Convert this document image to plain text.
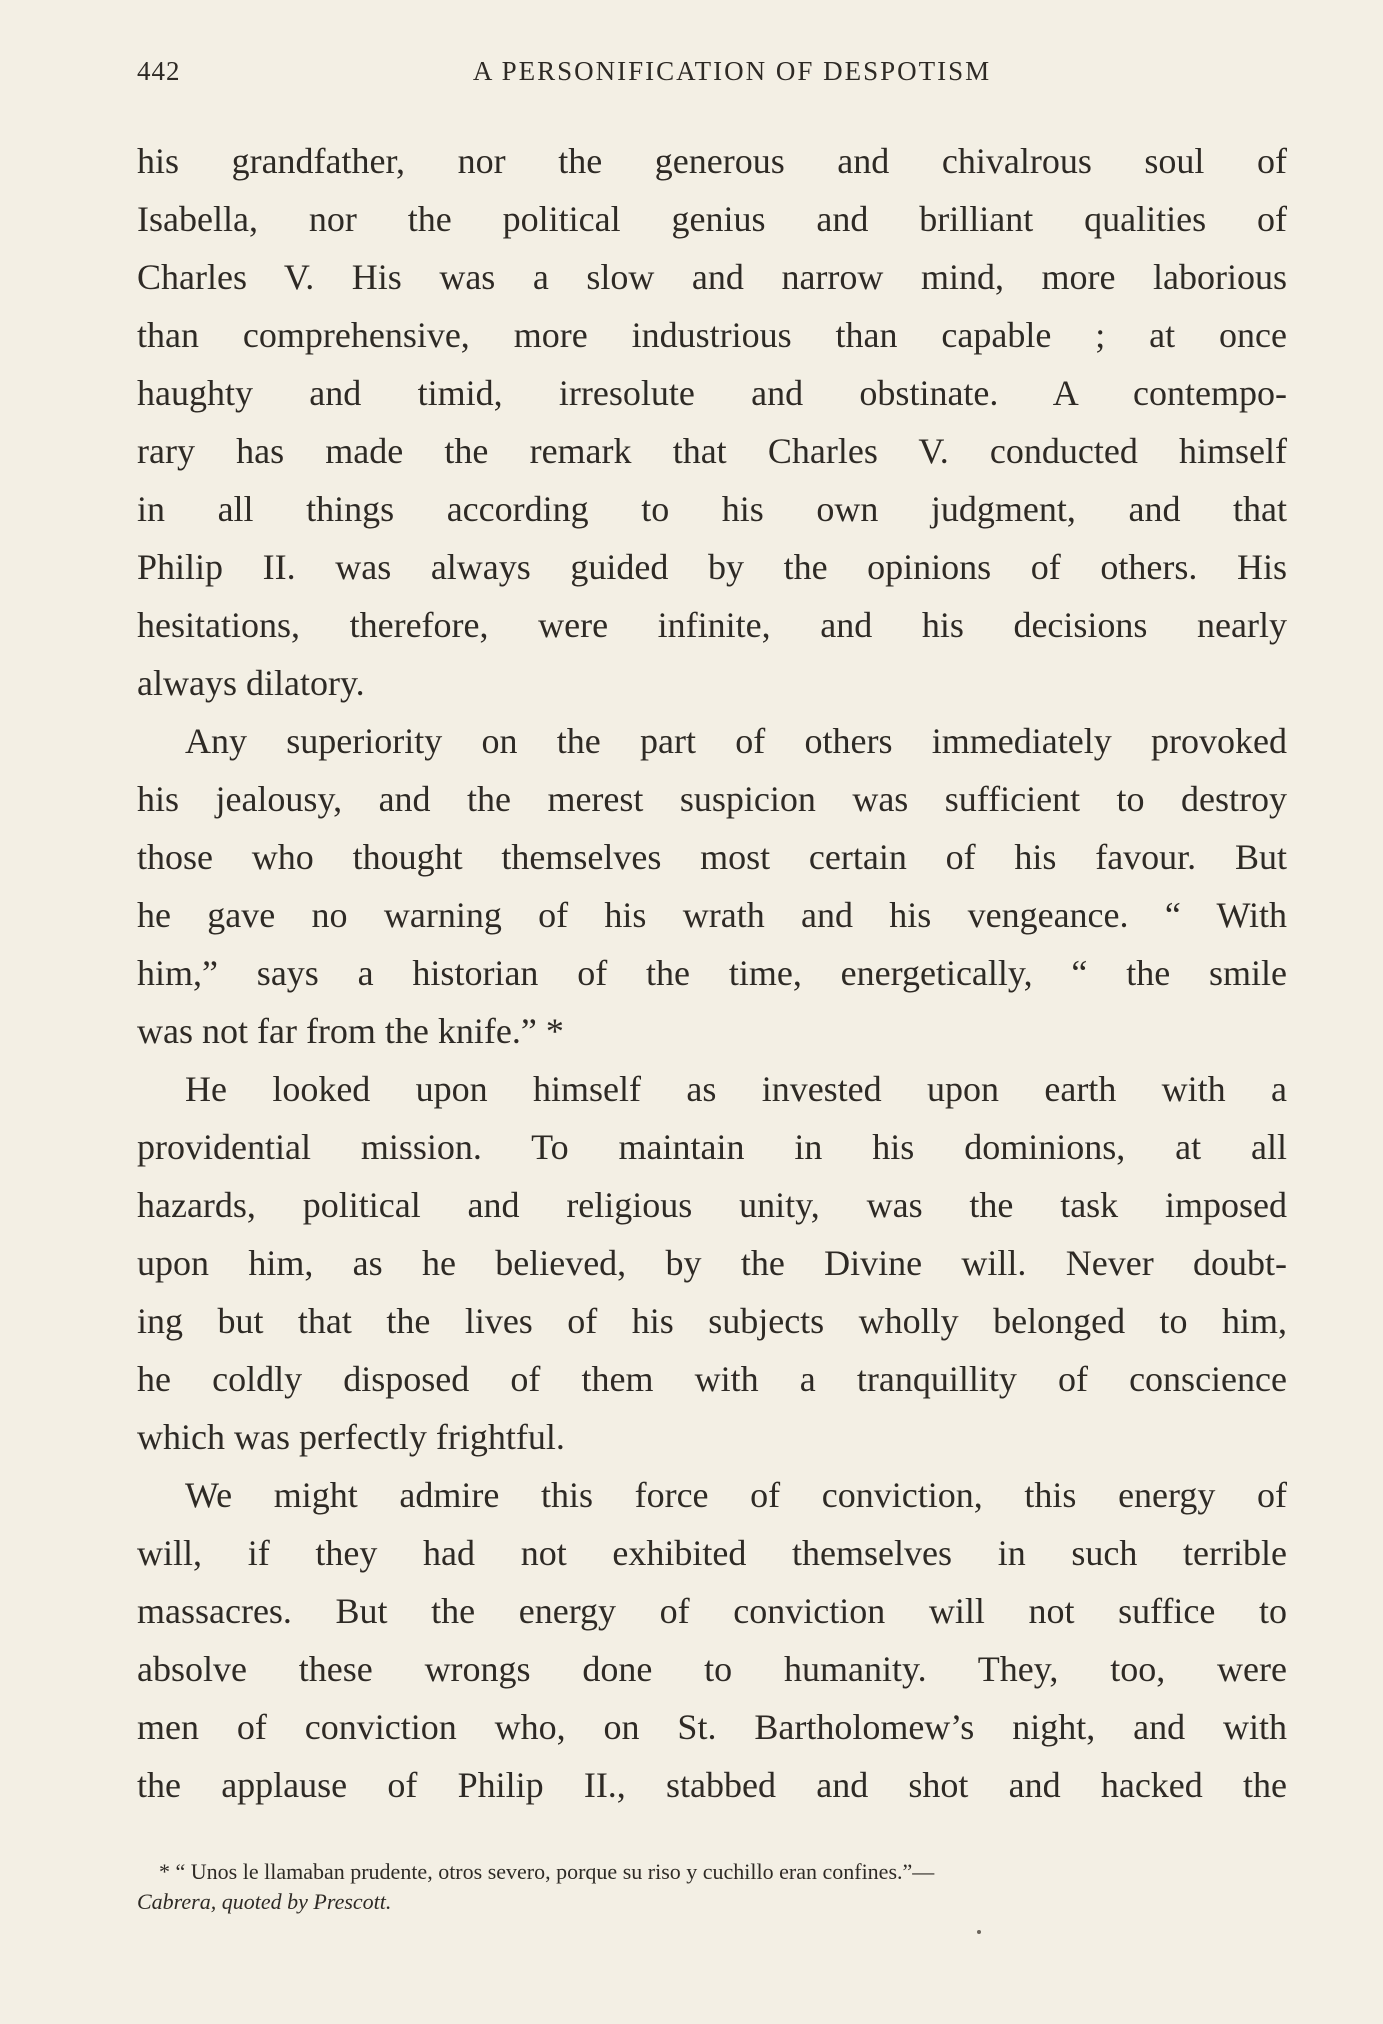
442	A PERSONIFICATION OF DESPOTISM
his grandfather, nor the generous and chivalrous soul of
Isabella, nor the political genius and brilliant qualities of
Charles V. His was a slow and narrow mind, more laborious
than comprehensive, more industrious than capable ; at once
haughty and timid, irresolute and obstinate. A contempo-
rary has made the remark that Charles V. conducted himself
in all things according to his own judgment, and that
Philip II. was always guided by the opinions of others. His
hesitations, therefore, were infinite, and his decisions nearly
always dilatory.
Any superiority on the part of others immediately provoked
his jealousy, and the merest suspicion was sufficient to destroy
those who thought themselves most certain of his favour. But
he gave no warning of his wrath and his vengeance. “ With
him,” says a historian of the time, energetically, “ the smile
was not far from the knife.” *
He looked upon himself as invested upon earth with a
providential mission. To maintain in his dominions, at all
hazards, political and religious unity, was the task imposed
upon him, as he believed, by the Divine will. Never doubt-
ing but that the lives of his subjects wholly belonged to him,
he coldly disposed of them with a tranquillity of conscience
which was perfectly frightful.
We might admire this force of conviction, this energy of
will, if they had not exhibited themselves in such terrible
massacres. But the energy of conviction will not suffice to
absolve these wrongs done to humanity. They, too, were
men of conviction who, on St. Bartholomew’s night, and with
the applause of Philip II., stabbed and shot and hacked the
* “ Unos le llamaban prudente, otros severo, porque su riso y cuchillo eran confines.”—
Cabrera, quoted by Prescott.
